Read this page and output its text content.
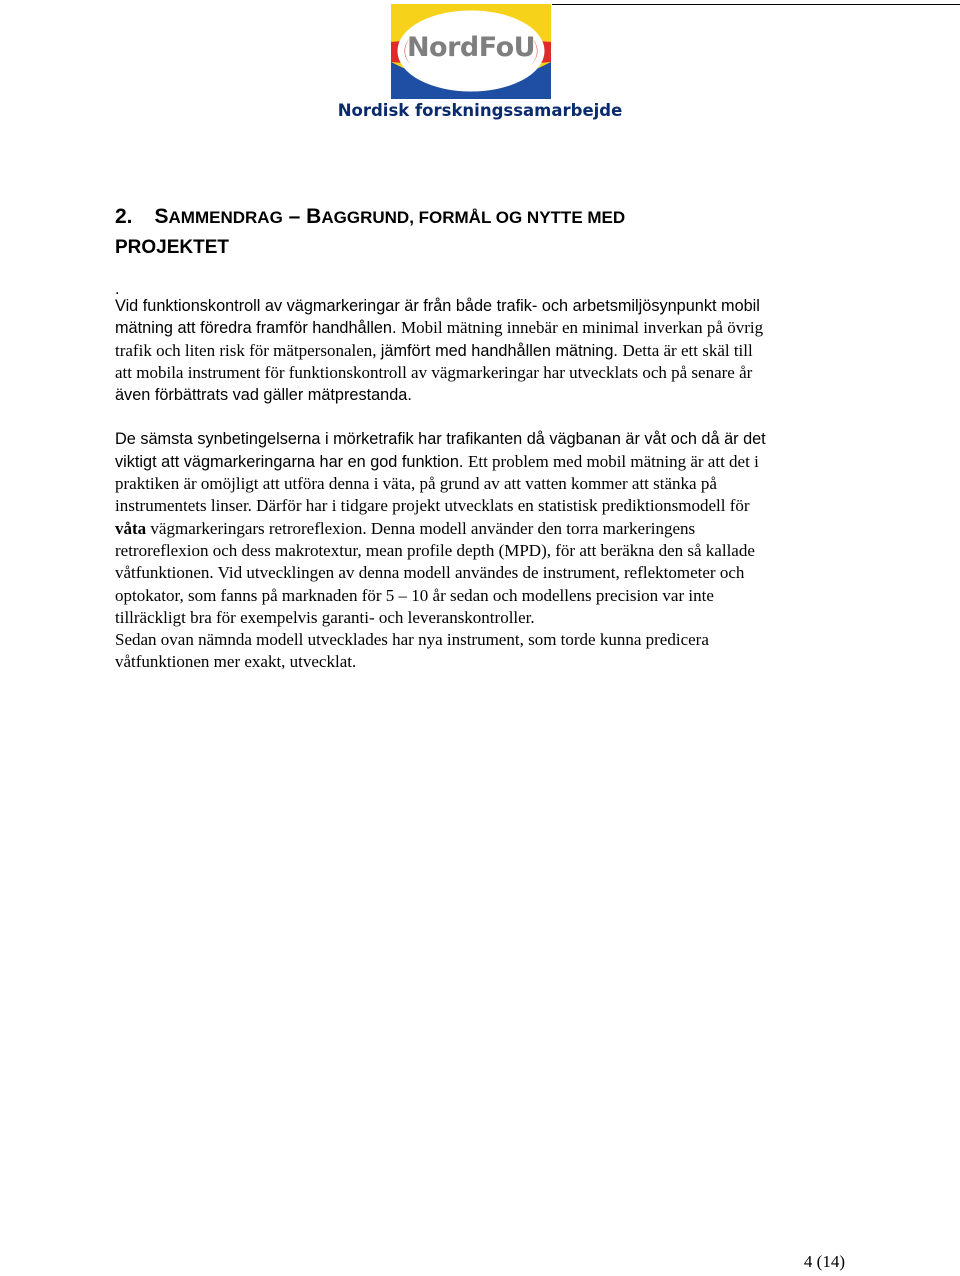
NordFoU
Nordisk forskningssamarbejde
2. SAMMENDRAG – BAGGRUND, FORMÅL OG NYTTE MED
PROJEKTET
.
Vid funktionskontroll av vägmarkeringar är från både trafik- och arbetsmiljösynpunkt mobil
mätning att föredra framför handhållen. Mobil mätning innebär en minimal inverkan på övrig
trafik och liten risk för mätpersonalen, jämfört med handhållen mätning. Detta är ett skäl till
att mobila instrument för funktionskontroll av vägmarkeringar har utvecklats och på senare år
även förbättrats vad gäller mätprestanda.
De sämsta synbetingelserna i mörketrafik har trafikanten då vägbanan är våt och då är det
viktigt att vägmarkeringarna har en god funktion. Ett problem med mobil mätning är att det i
praktiken är omöjligt att utföra denna i väta, på grund av att vatten kommer att stänka på
instrumentets linser. Därför har i tidgare projekt utvecklats en statistisk prediktionsmodell för
våta vägmarkeringars retroreflexion. Denna modell använder den torra markeringens
retroreflexion och dess makrotextur, mean profile depth (MPD), för att beräkna den så kallade
våtfunktionen. Vid utvecklingen av denna modell användes de instrument, reflektometer och
optokator, som fanns på marknaden för 5 – 10 år sedan och modellens precision var inte
tillräckligt bra för exempelvis garanti- och leveranskontroller.
Sedan ovan nämnda modell utvecklades har nya instrument, som torde kunna predicera
våtfunktionen mer exakt, utvecklat.
4 (14)
